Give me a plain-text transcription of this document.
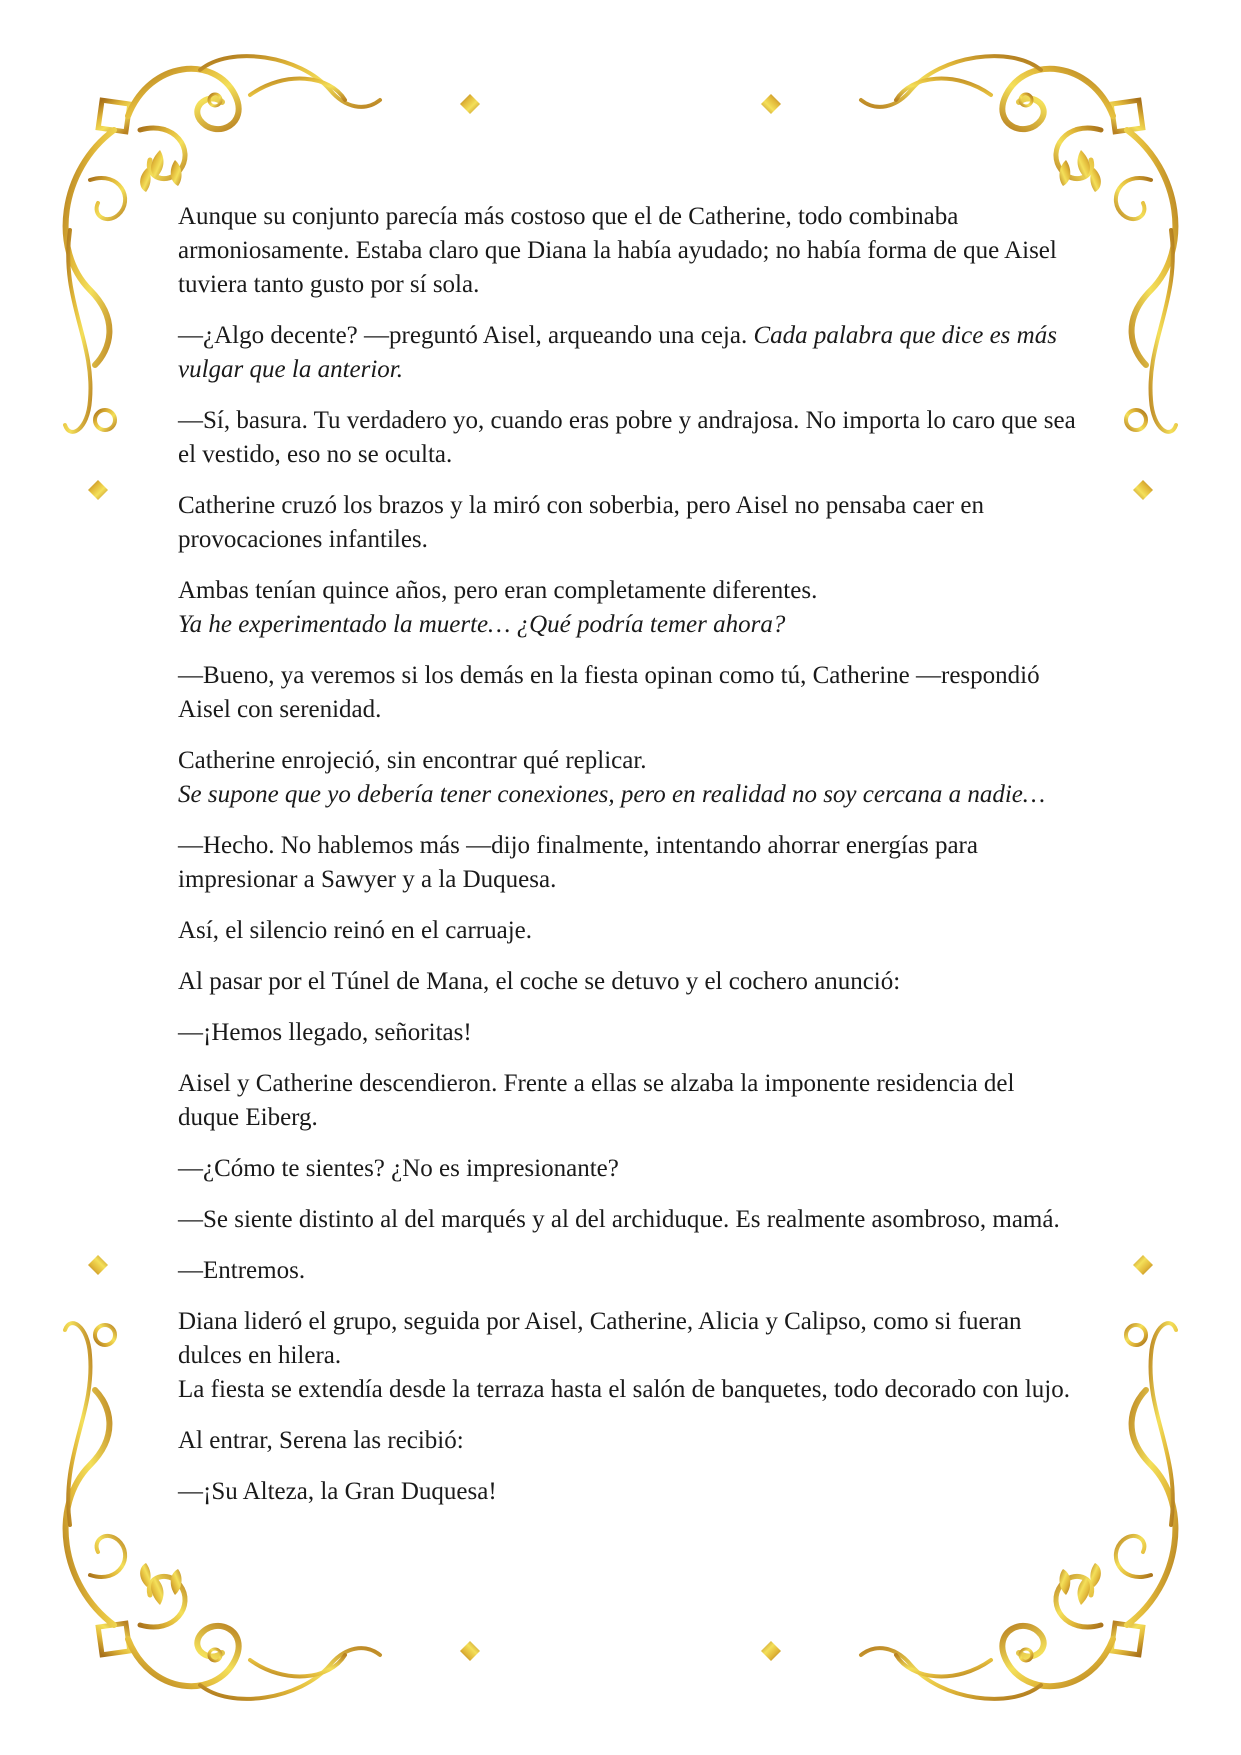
Aunque su conjunto parecía más costoso que el de Catherine, todo combinaba armoniosamente. Estaba claro que Diana la había ayudado; no había forma de que Aisel tuviera tanto gusto por sí sola.

—¿Algo decente? —preguntó Aisel, arqueando una ceja. Cada palabra que dice es más vulgar que la anterior.

—Sí, basura. Tu verdadero yo, cuando eras pobre y andrajosa. No importa lo caro que sea el vestido, eso no se oculta.

Catherine cruzó los brazos y la miró con soberbia, pero Aisel no pensaba caer en provocaciones infantiles.

Ambas tenían quince años, pero eran completamente diferentes.
Ya he experimentado la muerte… ¿Qué podría temer ahora?

—Bueno, ya veremos si los demás en la fiesta opinan como tú, Catherine —respondió Aisel con serenidad.

Catherine enrojeció, sin encontrar qué replicar.
Se supone que yo debería tener conexiones, pero en realidad no soy cercana a nadie…

—Hecho. No hablemos más —dijo finalmente, intentando ahorrar energías para impresionar a Sawyer y a la Duquesa.

Así, el silencio reinó en el carruaje.

Al pasar por el Túnel de Mana, el coche se detuvo y el cochero anunció:

—¡Hemos llegado, señoritas!

Aisel y Catherine descendieron. Frente a ellas se alzaba la imponente residencia del duque Eiberg.

—¿Cómo te sientes? ¿No es impresionante?

—Se siente distinto al del marqués y al del archiduque. Es realmente asombroso, mamá.

—Entremos.

Diana lideró el grupo, seguida por Aisel, Catherine, Alicia y Calipso, como si fueran dulces en hilera.
La fiesta se extendía desde la terraza hasta el salón de banquetes, todo decorado con lujo.

Al entrar, Serena las recibió:

—¡Su Alteza, la Gran Duquesa!
